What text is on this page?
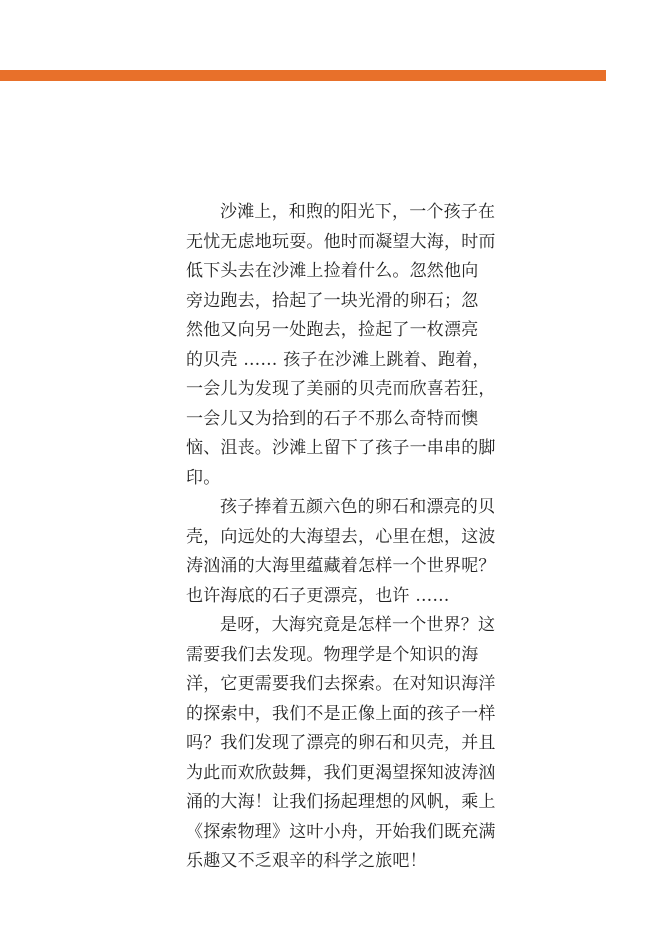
沙滩上，和煦的阳光下，一个孩子在
无忧无虑地玩耍。他时而凝望大海，时而
低下头去在沙滩上捡着什么。忽然他向
旁边跑去，拾起了一块光滑的卵石；忽
然他又向另一处跑去，捡起了一枚漂亮
的贝壳 …… 孩子在沙滩上跳着、跑着，
一会儿为发现了美丽的贝壳而欣喜若狂，
一会儿又为拾到的石子不那么奇特而懊
恼、沮丧。沙滩上留下了孩子一串串的脚
印。

孩子捧着五颜六色的卵石和漂亮的贝
壳，向远处的大海望去，心里在想，这波
涛汹涌的大海里蕴藏着怎样一个世界呢？
也许海底的石子更漂亮，也许 ……

是呀，大海究竟是怎样一个世界？这
需要我们去发现。物理学是个知识的海
洋，它更需要我们去探索。在对知识海洋
的探索中，我们不是正像上面的孩子一样
吗？我们发现了漂亮的卵石和贝壳，并且
为此而欢欣鼓舞，我们更渴望探知波涛汹
涌的大海！让我们扬起理想的风帆，乘上
《探索物理》这叶小舟，开始我们既充满
乐趣又不乏艰辛的科学之旅吧！
